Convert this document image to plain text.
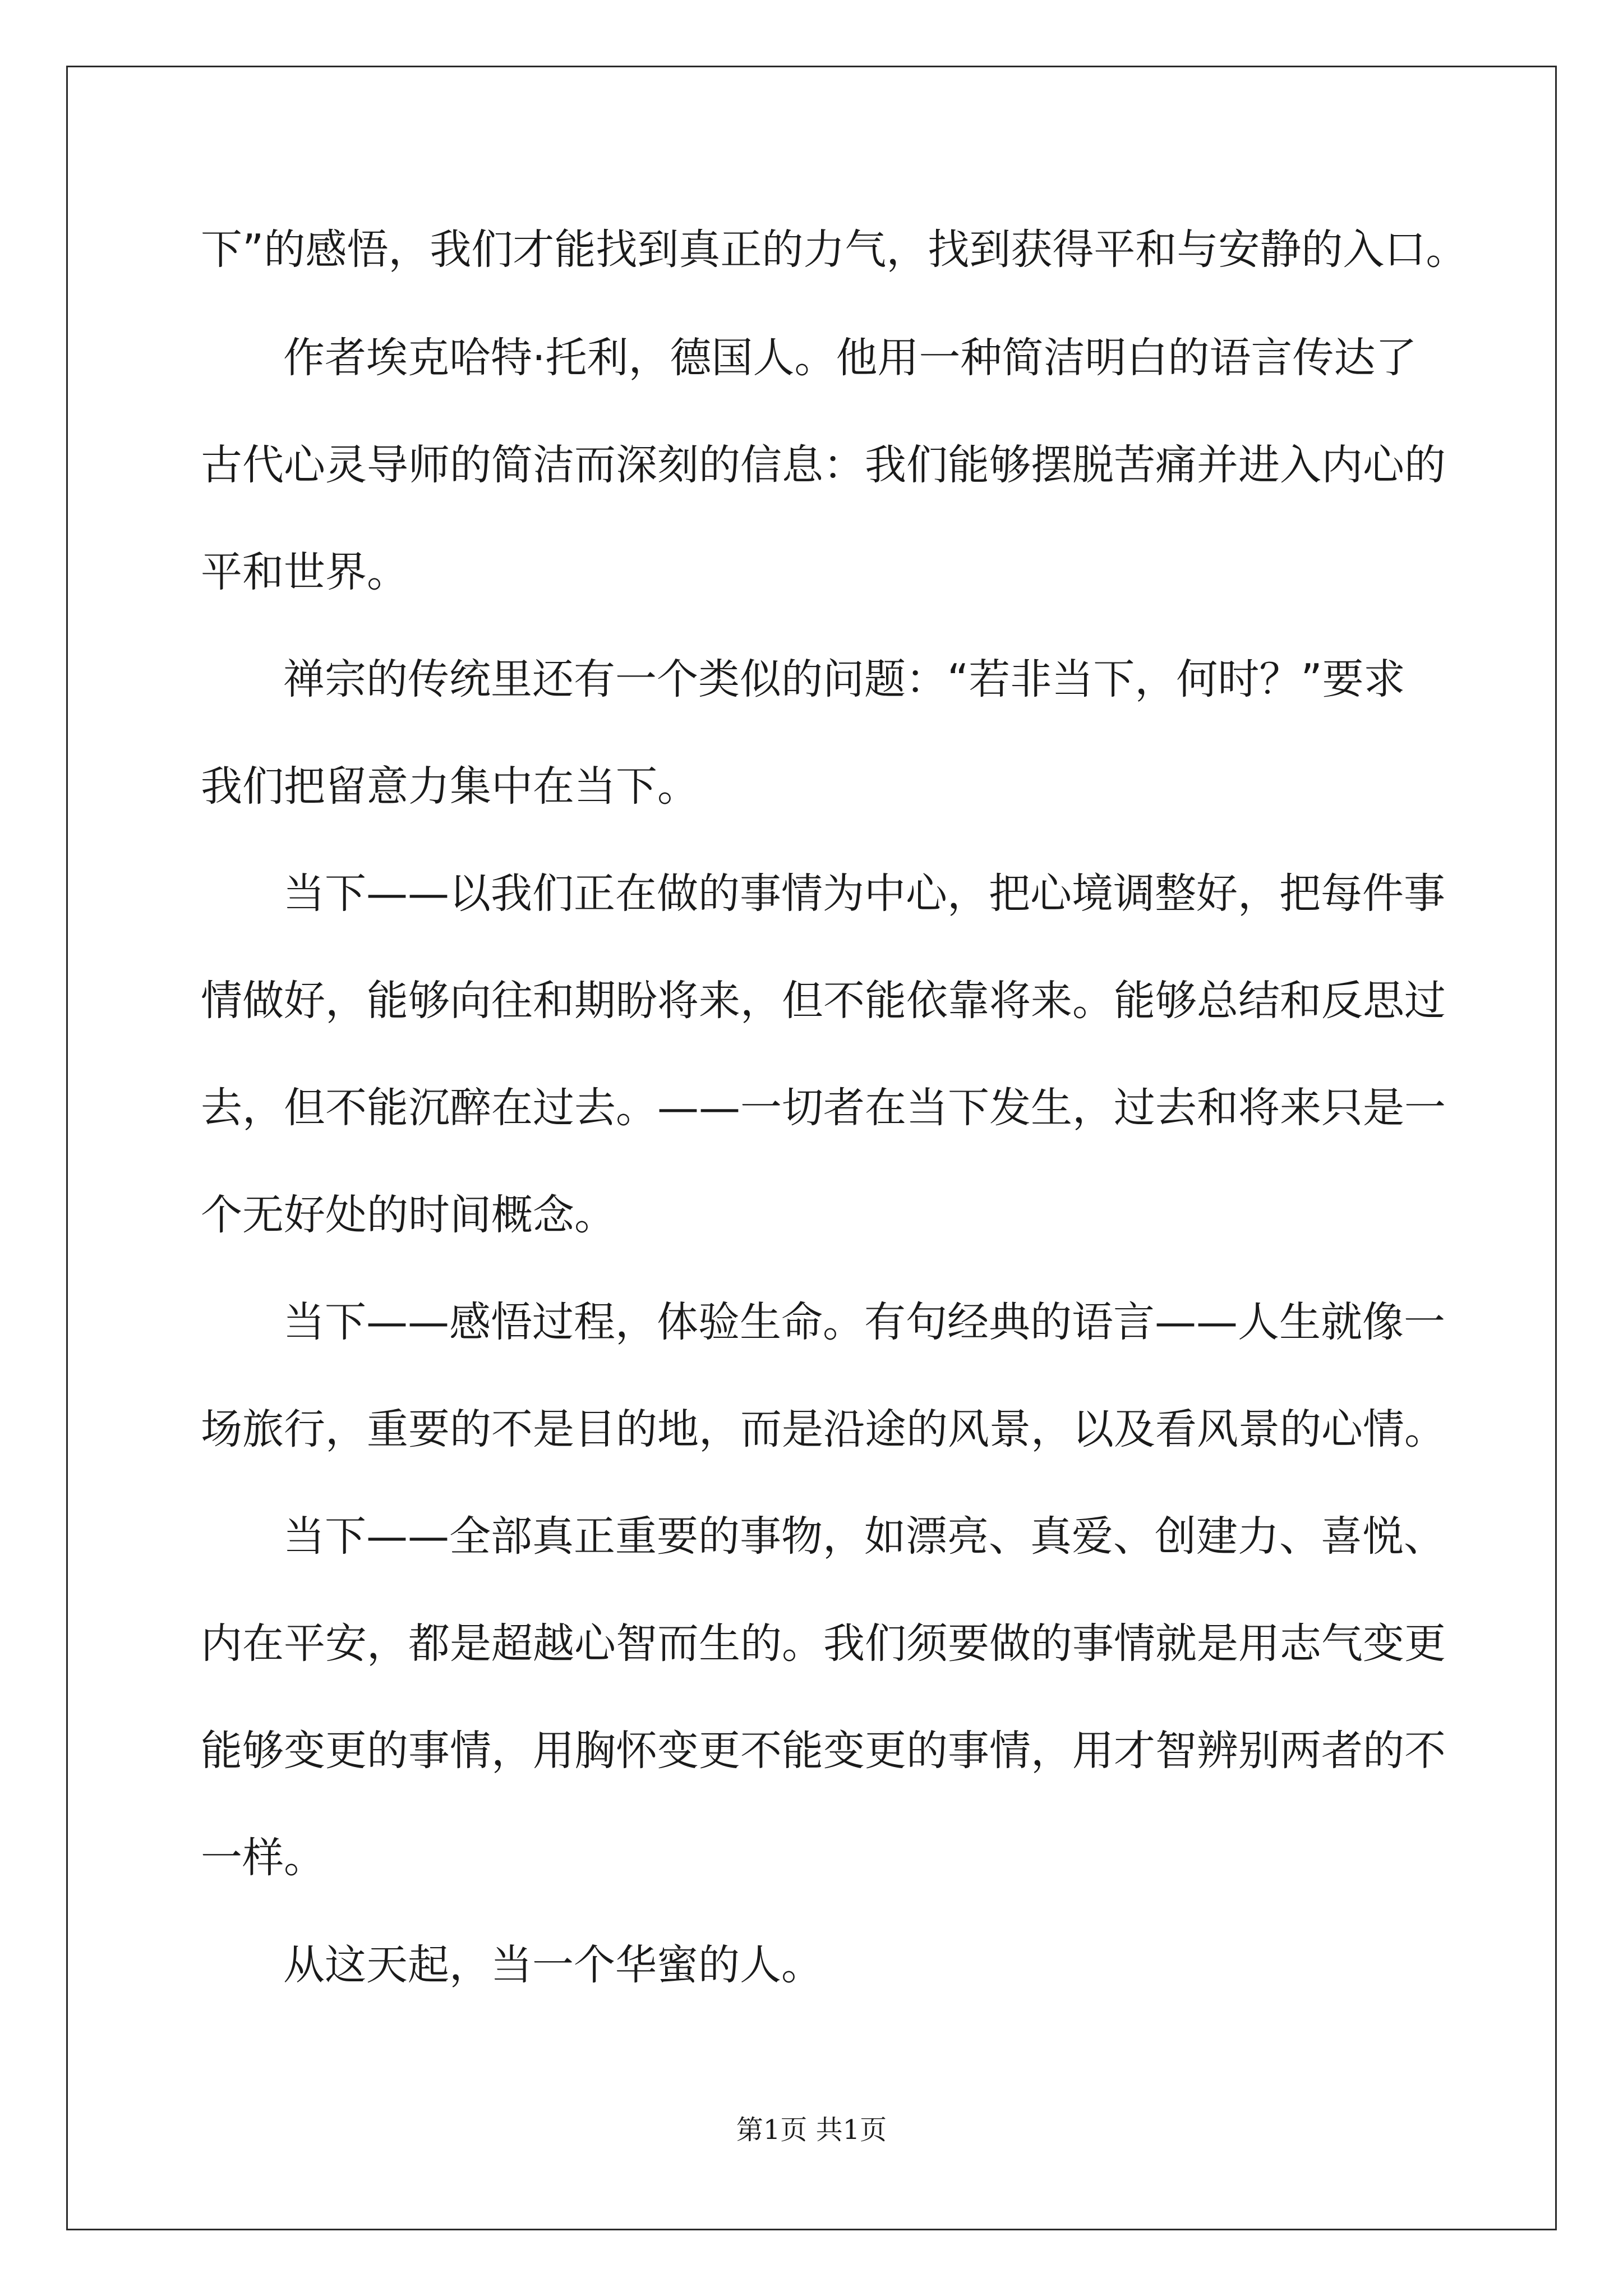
下”的感悟，我们才能找到真正的力气，找到获得平和与安静的入口。
作者埃克哈特·托利，德国人。他用一种简洁明白的语言传达了
古代心灵导师的简洁而深刻的信息：我们能够摆脱苦痛并进入内心的
平和世界。
禅宗的传统里还有一个类似的问题：“若非当下，何时？”要求
我们把留意力集中在当下。
当下——以我们正在做的事情为中心，把心境调整好，把每件事
情做好，能够向往和期盼将来，但不能依靠将来。能够总结和反思过
去，但不能沉醉在过去。——一切者在当下发生，过去和将来只是一
个无好处的时间概念。
当下——感悟过程，体验生命。有句经典的语言——人生就像一
场旅行，重要的不是目的地，而是沿途的风景，以及看风景的心情。
当下——全部真正重要的事物，如漂亮、真爱、创建力、喜悦、
内在平安，都是超越心智而生的。我们须要做的事情就是用志气变更
能够变更的事情，用胸怀变更不能变更的事情，用才智辨别两者的不
一样。
从这天起，当一个华蜜的人。
第1页 共1页
